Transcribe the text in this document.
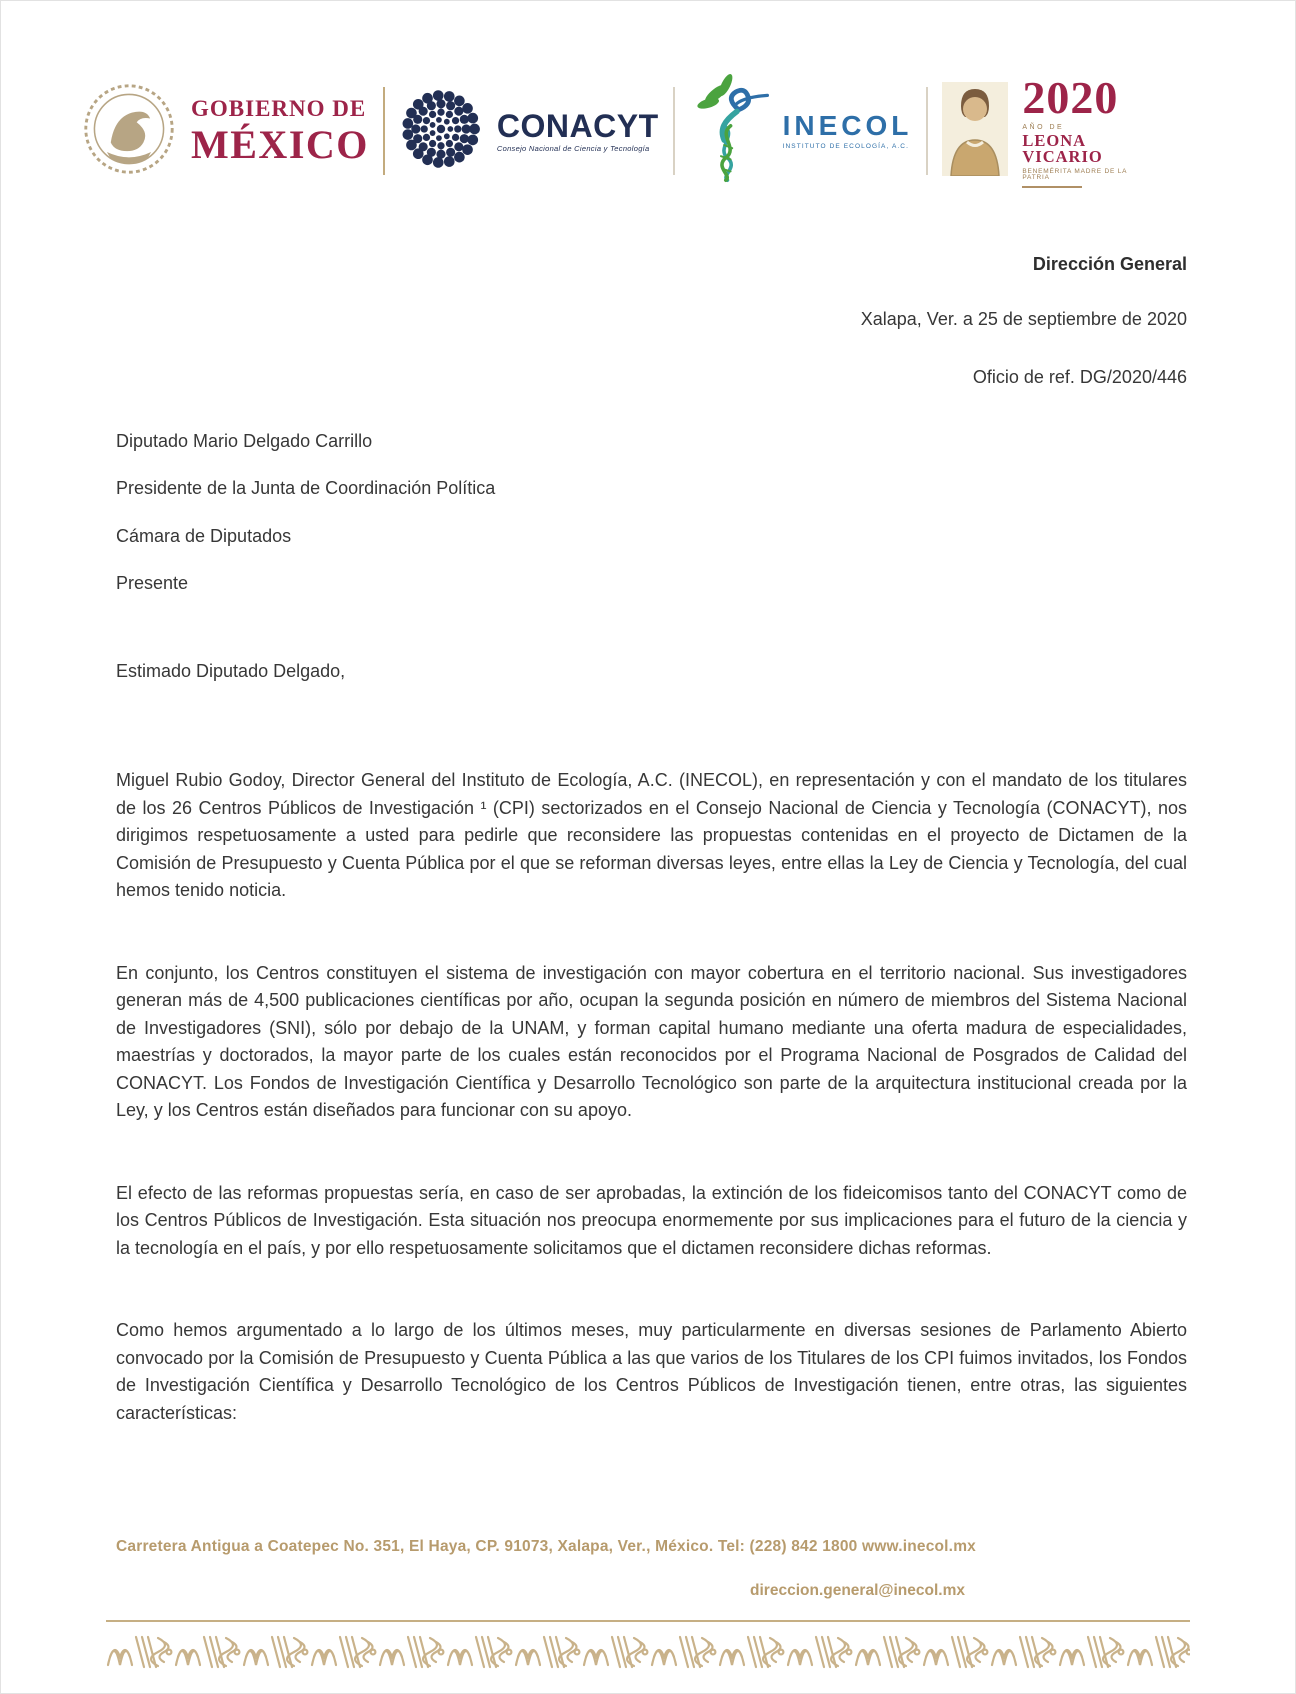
GOBIERNO DE
MÉXICO	CONACYT
Consejo Nacional de Ciencia y Tecnología
INECOL
INSTITUTO DE ECOLOGÍA, A.C.
2020
AÑO DE
LEONA VICARIO
BENEMÉRITA MADRE DE LA PATRIA
Dirección General
Xalapa, Ver. a 25 de septiembre de 2020
Oficio de ref. DG/2020/446
Diputado Mario Delgado Carrillo
Presidente de la Junta de Coordinación Política
Cámara de Diputados
Presente
Estimado Diputado Delgado,

Miguel Rubio Godoy, Director General del Instituto de Ecología, A.C. (INECOL), en representación y con el mandato de los titulares de los 26 Centros Públicos de Investigación ¹ (CPI) sectorizados en el Consejo Nacional de Ciencia y Tecnología (CONACYT), nos dirigimos respetuosamente a usted para pedirle que reconsidere las propuestas contenidas en el proyecto de Dictamen de la Comisión de Presupuesto y Cuenta Pública por el que se reforman diversas leyes, entre ellas la Ley de Ciencia y Tecnología, del cual hemos tenido noticia.

En conjunto, los Centros constituyen el sistema de investigación con mayor cobertura en el territorio nacional. Sus investigadores generan más de 4,500 publicaciones científicas por año, ocupan la segunda posición en número de miembros del Sistema Nacional de Investigadores (SNI), sólo por debajo de la UNAM, y forman capital humano mediante una oferta madura de especialidades, maestrías y doctorados, la mayor parte de los cuales están reconocidos por el Programa Nacional de Posgrados de Calidad del CONACYT. Los Fondos de Investigación Científica y Desarrollo Tecnológico son parte de la arquitectura institucional creada por la Ley, y los Centros están diseñados para funcionar con su apoyo.

El efecto de las reformas propuestas sería, en caso de ser aprobadas, la extinción de los fideicomisos tanto del CONACYT como de los Centros Públicos de Investigación. Esta situación nos preocupa enormemente por sus implicaciones para el futuro de la ciencia y la tecnología en el país, y por ello respetuosamente solicitamos que el dictamen reconsidere dichas reformas.

Como hemos argumentado a lo largo de los últimos meses, muy particularmente en diversas sesiones de Parlamento Abierto convocado por la Comisión de Presupuesto y Cuenta Pública a las que varios de los Titulares de los CPI fuimos invitados, los Fondos de Investigación Científica y Desarrollo Tecnológico de los Centros Públicos de Investigación tienen, entre otras, las siguientes características:

Carretera Antigua a Coatepec No. 351, El Haya, CP. 91073, Xalapa, Ver., México. Tel: (228) 842 1800 www.inecol.mx
direccion.general@inecol.mx
